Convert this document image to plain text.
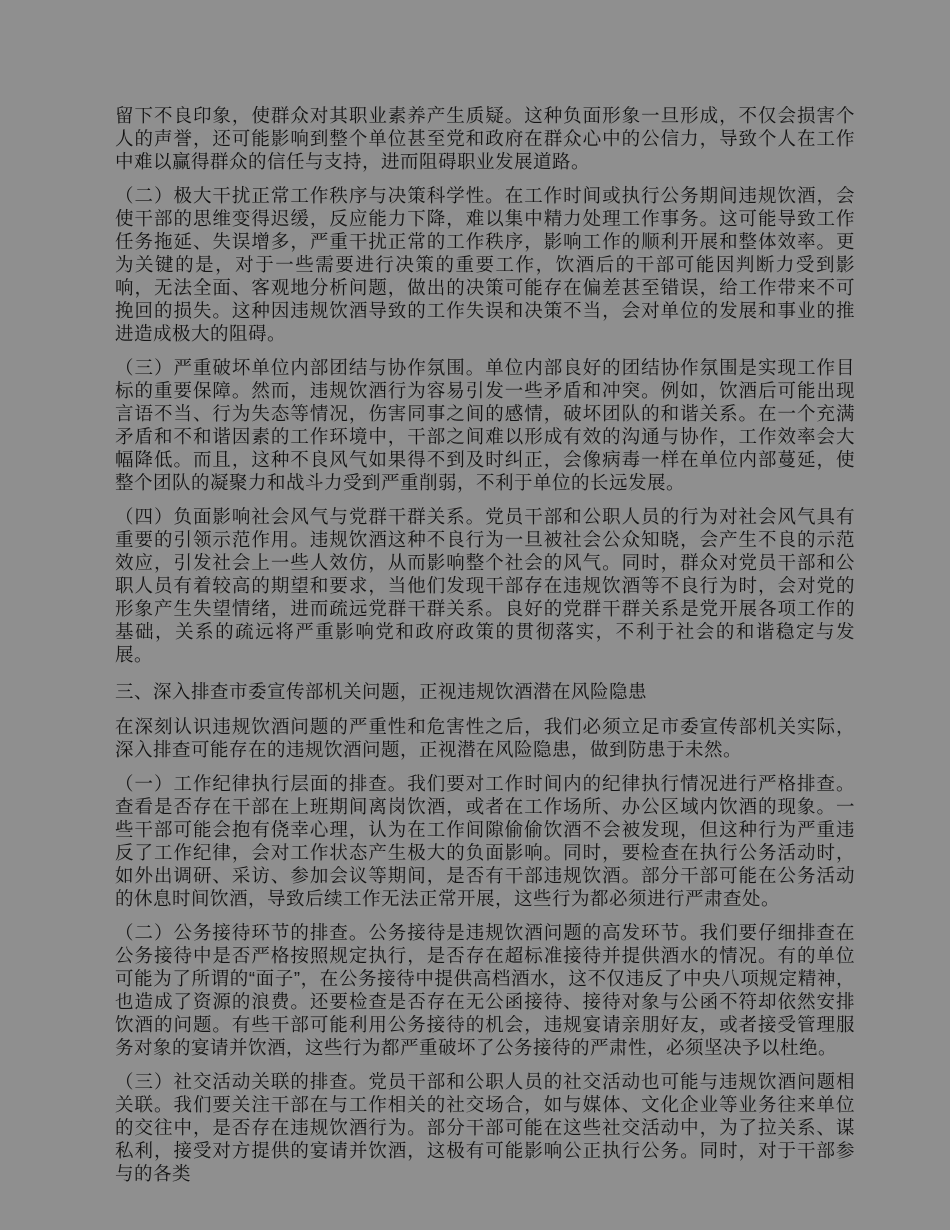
留下不良印象，使群众对其职业素养产生质疑。这种负面形象一旦形成，不仅会损害个人的声誉，还可能影响到整个单位甚至党和政府在群众心中的公信力，导致个人在工作中难以赢得群众的信任与支持，进而阻碍职业发展道路。

（二）极大干扰正常工作秩序与决策科学性。在工作时间或执行公务期间违规饮酒，会使干部的思维变得迟缓，反应能力下降，难以集中精力处理工作事务。这可能导致工作任务拖延、失误增多，严重干扰正常的工作秩序，影响工作的顺利开展和整体效率。更为关键的是，对于一些需要进行决策的重要工作，饮酒后的干部可能因判断力受到影响，无法全面、客观地分析问题，做出的决策可能存在偏差甚至错误，给工作带来不可挽回的损失。这种因违规饮酒导致的工作失误和决策不当，会对单位的发展和事业的推进造成极大的阻碍。

（三）严重破坏单位内部团结与协作氛围。单位内部良好的团结协作氛围是实现工作目标的重要保障。然而，违规饮酒行为容易引发一些矛盾和冲突。例如，饮酒后可能出现言语不当、行为失态等情况，伤害同事之间的感情，破坏团队的和谐关系。在一个充满矛盾和不和谐因素的工作环境中，干部之间难以形成有效的沟通与协作，工作效率会大幅降低。而且，这种不良风气如果得不到及时纠正，会像病毒一样在单位内部蔓延，使整个团队的凝聚力和战斗力受到严重削弱，不利于单位的长远发展。

（四）负面影响社会风气与党群干群关系。党员干部和公职人员的行为对社会风气具有重要的引领示范作用。违规饮酒这种不良行为一旦被社会公众知晓，会产生不良的示范效应，引发社会上一些人效仿，从而影响整个社会的风气。同时，群众对党员干部和公职人员有着较高的期望和要求，当他们发现干部存在违规饮酒等不良行为时，会对党的形象产生失望情绪，进而疏远党群干群关系。良好的党群干群关系是党开展各项工作的基础，关系的疏远将严重影响党和政府政策的贯彻落实，不利于社会的和谐稳定与发展。

三、深入排查市委宣传部机关问题，正视违规饮酒潜在风险隐患

在深刻认识违规饮酒问题的严重性和危害性之后，我们必须立足市委宣传部机关实际，深入排查可能存在的违规饮酒问题，正视潜在风险隐患，做到防患于未然。

（一）工作纪律执行层面的排查。我们要对工作时间内的纪律执行情况进行严格排查。查看是否存在干部在上班期间离岗饮酒，或者在工作场所、办公区域内饮酒的现象。一些干部可能会抱有侥幸心理，认为在工作间隙偷偷饮酒不会被发现，但这种行为严重违反了工作纪律，会对工作状态产生极大的负面影响。同时，要检查在执行公务活动时，如外出调研、采访、参加会议等期间，是否有干部违规饮酒。部分干部可能在公务活动的休息时间饮酒，导致后续工作无法正常开展，这些行为都必须进行严肃查处。

（二）公务接待环节的排查。公务接待是违规饮酒问题的高发环节。我们要仔细排查在公务接待中是否严格按照规定执行，是否存在超标准接待并提供酒水的情况。有的单位可能为了所谓的“面子”，在公务接待中提供高档酒水，这不仅违反了中央八项规定精神，也造成了资源的浪费。还要检查是否存在无公函接待、接待对象与公函不符却依然安排饮酒的问题。有些干部可能利用公务接待的机会，违规宴请亲朋好友，或者接受管理服务对象的宴请并饮酒，这些行为都严重破坏了公务接待的严肃性，必须坚决予以杜绝。

（三）社交活动关联的排查。党员干部和公职人员的社交活动也可能与违规饮酒问题相关联。我们要关注干部在与工作相关的社交场合，如与媒体、文化企业等业务往来单位的交往中，是否存在违规饮酒行为。部分干部可能在这些社交活动中，为了拉关系、谋私利，接受对方提供的宴请并饮酒，这极有可能影响公正执行公务。同时，对于干部参与的各类
